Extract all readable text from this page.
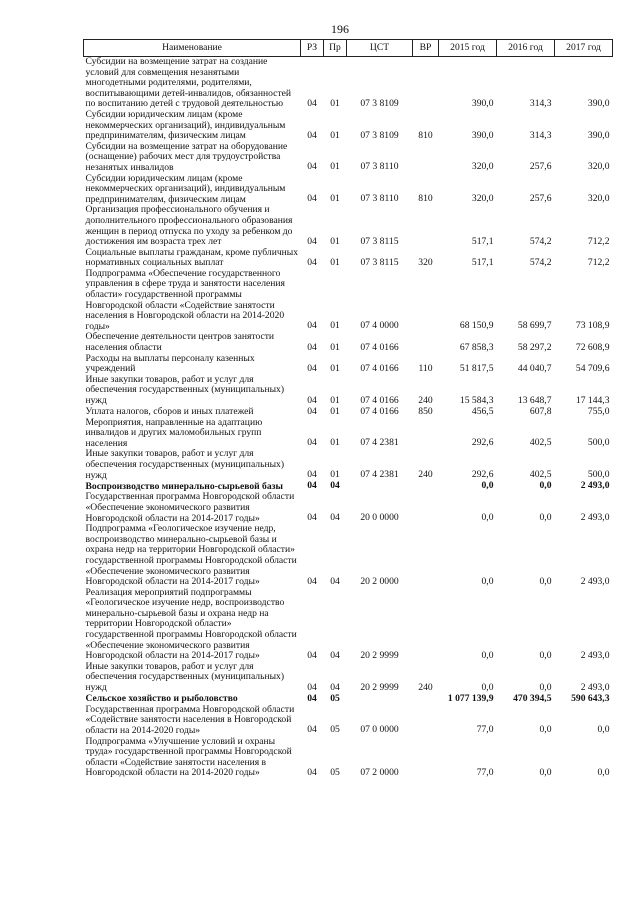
196
Наименование	РЗ	Пр	ЦСТ	ВР	2015 год	2016 год	2017 год
Субсидии на возмещение затрат на создание условий для совмещения незанятыми многодетными родителями, родителями, воспитывающими детей-инвалидов, обязанностей по воспитанию детей с трудовой деятельностью	04	01	07 3 8109		390,0	314,3	390,0
Субсидии юридическим лицам (кроме некоммерческих организаций), индивидуальным предпринимателям, физическим лицам	04	01	07 3 8109	810	390,0	314,3	390,0
Субсидии на возмещение затрат на оборудование (оснащение) рабочих мест для трудоустройства незанятых инвалидов	04	01	07 3 8110		320,0	257,6	320,0
Субсидии юридическим лицам (кроме некоммерческих организаций), индивидуальным предпринимателям, физическим лицам	04	01	07 3 8110	810	320,0	257,6	320,0
Организация профессионального обучения и дополнительного профессионального образования женщин в период отпуска по уходу за ребенком до достижения им возраста трех лет	04	01	07 3 8115		517,1	574,2	712,2
Социальные выплаты гражданам, кроме публичных нормативных социальных выплат	04	01	07 3 8115	320	517,1	574,2	712,2
Подпрограмма «Обеспечение государственного управления в сфере труда и занятости населения области» государственной программы Новгородской области «Содействие занятости населения в Новгородской области на 2014-2020 годы»	04	01	07 4 0000		68 150,9	58 699,7	73 108,9
Обеспечение деятельности центров занятости населения области	04	01	07 4 0166		67 858,3	58 297,2	72 608,9
Расходы на выплаты персоналу казенных учреждений	04	01	07 4 0166	110	51 817,5	44 040,7	54 709,6
Иные закупки товаров, работ и услуг для обеспечения государственных (муниципальных) нужд	04	01	07 4 0166	240	15 584,3	13 648,7	17 144,3
Уплата налогов, сборов и иных платежей	04	01	07 4 0166	850	456,5	607,8	755,0
Мероприятия, направленные на адаптацию инвалидов и других маломобильных групп населения	04	01	07 4 2381		292,6	402,5	500,0
Иные закупки товаров, работ и услуг для обеспечения государственных (муниципальных) нужд	04	01	07 4 2381	240	292,6	402,5	500,0
Воспроизводство минерально-сырьевой базы	04	04			0,0	0,0	2 493,0
Государственная программа Новгородской области «Обеспечение экономического развития Новгородской области на 2014-2017 годы»	04	04	20 0 0000		0,0	0,0	2 493,0
Подпрограмма «Геологическое изучение недр, воспроизводство минерально-сырьевой базы и охрана недр на территории Новгородской области» государственной программы Новгородской области «Обеспечение экономического развития Новгородской области на 2014-2017 годы»	04	04	20 2 0000		0,0	0,0	2 493,0
Реализация мероприятий подпрограммы «Геологическое изучение недр, воспроизводство минерально-сырьевой базы и охрана недр на территории Новгородской области» государственной программы Новгородской области «Обеспечение экономического развития Новгородской области на 2014-2017 годы»	04	04	20 2 9999		0,0	0,0	2 493,0
Иные закупки товаров, работ и услуг для обеспечения государственных (муниципальных) нужд	04	04	20 2 9999	240	0,0	0,0	2 493,0
Сельское хозяйство и рыболовство	04	05			1 077 139,9	470 394,5	590 643,3
Государственная программа Новгородской области «Содействие занятости населения в Новгородской области на 2014-2020 годы»	04	05	07 0 0000		77,0	0,0	0,0
Подпрограмма «Улучшение условий и охраны труда» государственной программы Новгородской области «Содействие занятости населения в Новгородской области на 2014-2020 годы»	04	05	07 2 0000		77,0	0,0	0,0
